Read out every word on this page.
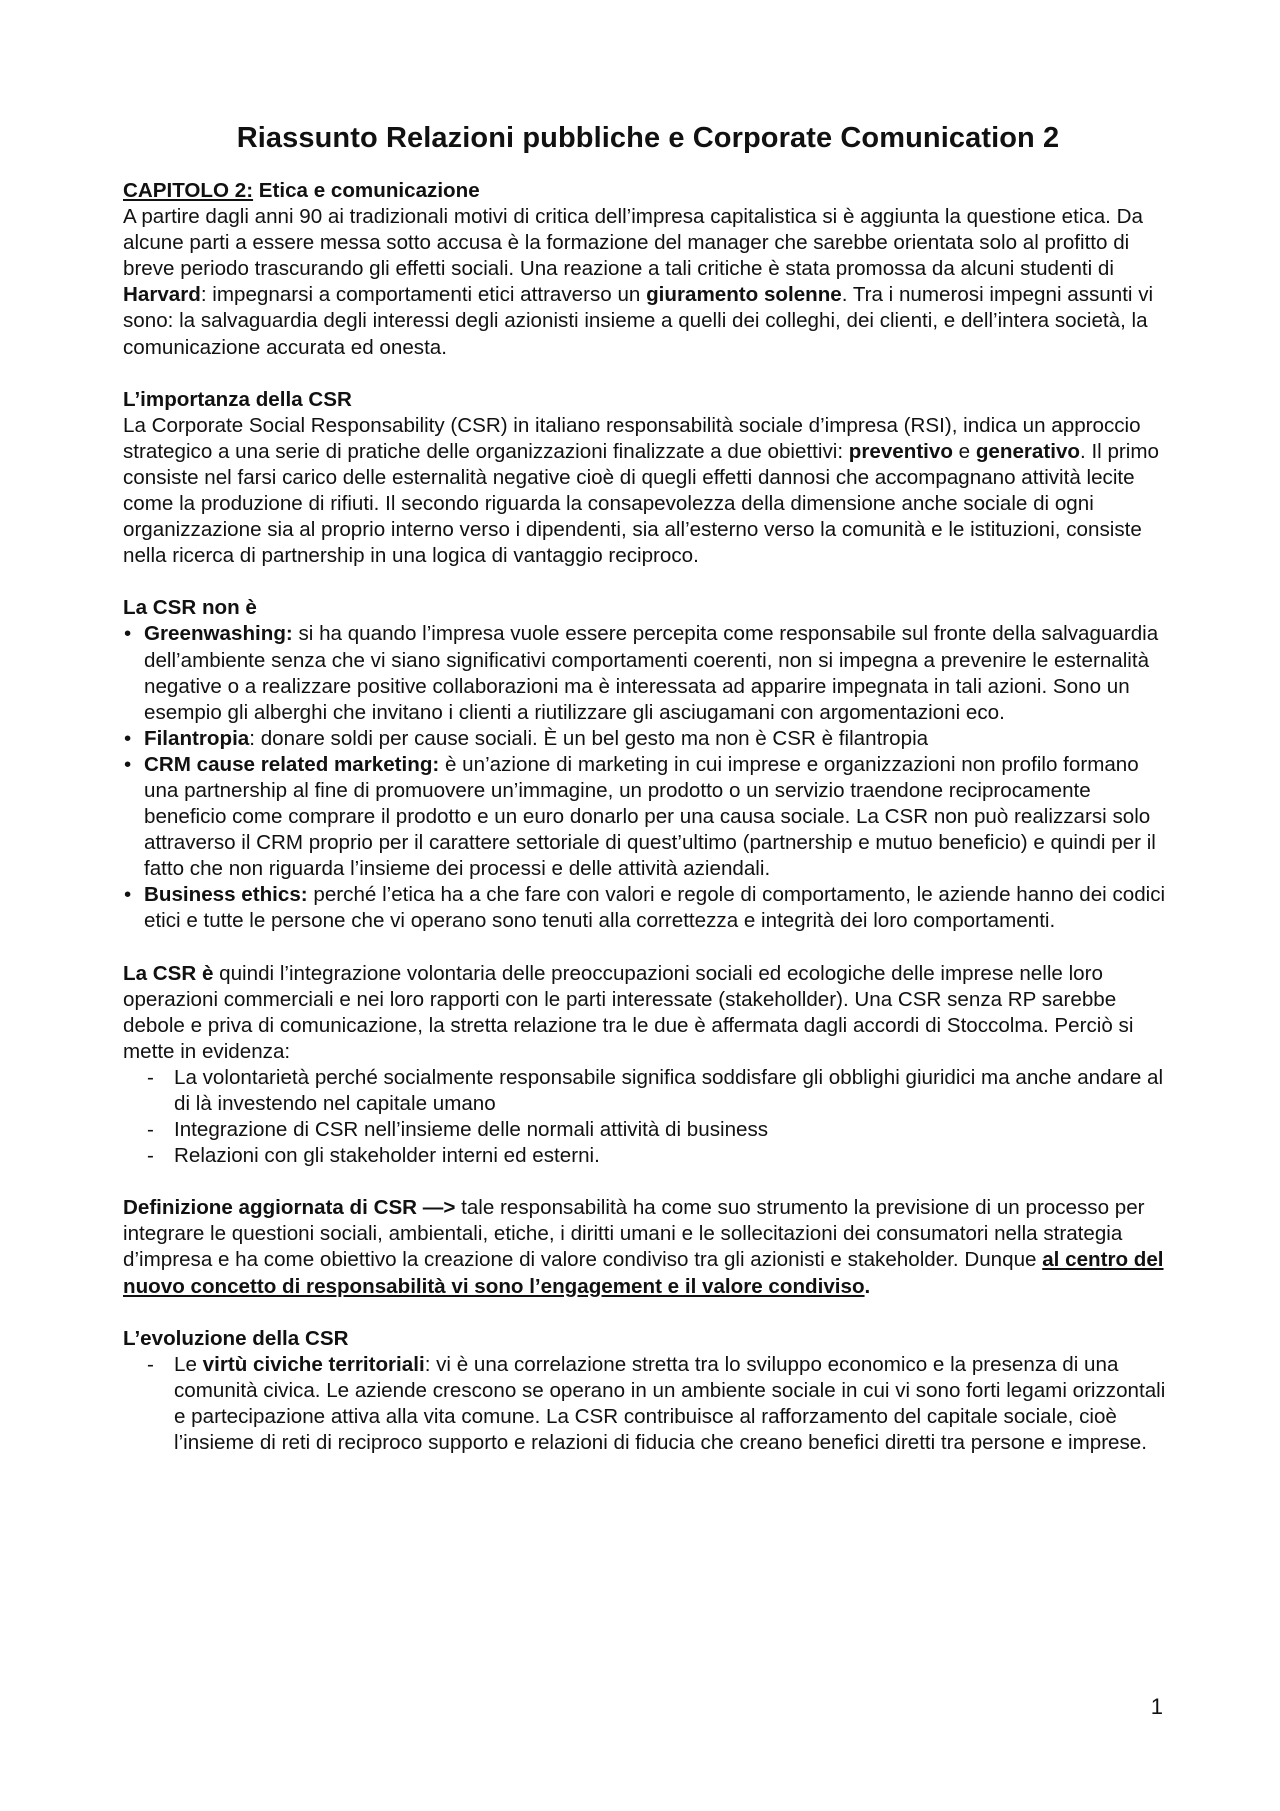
Riassunto Relazioni pubbliche e Corporate Comunication 2

CAPITOLO 2: Etica e comunicazione

A partire dagli anni 90 ai tradizionali motivi di critica dell’impresa capitalistica si è aggiunta la questione etica. Da alcune parti a essere messa sotto accusa è la formazione del manager che sarebbe orientata solo al profitto di breve periodo trascurando gli effetti sociali. Una reazione a tali critiche è stata promossa da alcuni studenti di Harvard: impegnarsi a comportamenti etici attraverso un giuramento solenne. Tra i numerosi impegni assunti vi sono: la salvaguardia degli interessi degli azionisti insieme a quelli dei colleghi, dei clienti, e dell’intera società, la comunicazione accurata ed onesta.

L’importanza della CSR

La Corporate Social Responsability (CSR) in italiano responsabilità sociale d’impresa (RSI), indica un approccio strategico a una serie di pratiche delle organizzazioni finalizzate a due obiettivi: preventivo e generativo. Il primo consiste nel farsi carico delle esternalità negative cioè di quegli effetti dannosi che accompagnano attività lecite come la produzione di rifiuti. Il secondo riguarda la consapevolezza della dimensione anche sociale di ogni organizzazione sia al proprio interno verso i dipendenti, sia all’esterno verso la comunità e le istituzioni, consiste nella ricerca di partnership in una logica di vantaggio reciproco.

La CSR non è

• Greenwashing: si ha quando l’impresa vuole essere percepita come responsabile sul fronte della salvaguardia dell’ambiente senza che vi siano significativi comportamenti coerenti, non si impegna a prevenire le esternalità negative o a realizzare positive collaborazioni ma è interessata ad apparire impegnata in tali azioni. Sono un esempio gli alberghi che invitano i clienti a riutilizzare gli asciugamani con argomentazioni eco.
• Filantropia: donare soldi per cause sociali. È un bel gesto ma non è CSR è filantropia
• CRM cause related marketing: è un’azione di marketing in cui imprese e organizzazioni non profilo formano una partnership al fine di promuovere un’immagine, un prodotto o un servizio traendone reciprocamente beneficio come comprare il prodotto e un euro donarlo per una causa sociale. La CSR non può realizzarsi solo attraverso il CRM proprio per il carattere settoriale di quest’ultimo (partnership e mutuo beneficio) e quindi per il fatto che non riguarda l’insieme dei processi e delle attività aziendali.
• Business ethics: perché l’etica ha a che fare con valori e regole di comportamento, le aziende hanno dei codici etici e tutte le persone che vi operano sono tenuti alla correttezza e integrità dei loro comportamenti.

La CSR è quindi l’integrazione volontaria delle preoccupazioni sociali ed ecologiche delle imprese nelle loro operazioni commerciali e nei loro rapporti con le parti interessate (stakehollder). Una CSR senza RP sarebbe debole e priva di comunicazione, la stretta relazione tra le due è affermata dagli accordi di Stoccolma. Perciò si mette in evidenza:

- La volontarietà perché socialmente responsabile significa soddisfare gli obblighi giuridici ma anche andare al di là investendo nel capitale umano
- Integrazione di CSR nell’insieme delle normali attività di business
- Relazioni con gli stakeholder interni ed esterni.

Definizione aggiornata di CSR —> tale responsabilità ha come suo strumento la previsione di un processo per integrare le questioni sociali, ambientali, etiche, i diritti umani e le sollecitazioni dei consumatori nella strategia d’impresa e ha come obiettivo la creazione di valore condiviso tra gli azionisti e stakeholder. Dunque al centro del nuovo concetto di responsabilità vi sono l’engagement e il valore condiviso.

L’evoluzione della CSR

- Le virtù civiche territoriali: vi è una correlazione stretta tra lo sviluppo economico e la presenza di una comunità civica. Le aziende crescono se operano in un ambiente sociale in cui vi sono forti legami orizzontali e partecipazione attiva alla vita comune. La CSR contribuisce al rafforzamento del capitale sociale, cioè l’insieme di reti di reciproco supporto e relazioni di fiducia che creano benefici diretti tra persone e imprese.
1
